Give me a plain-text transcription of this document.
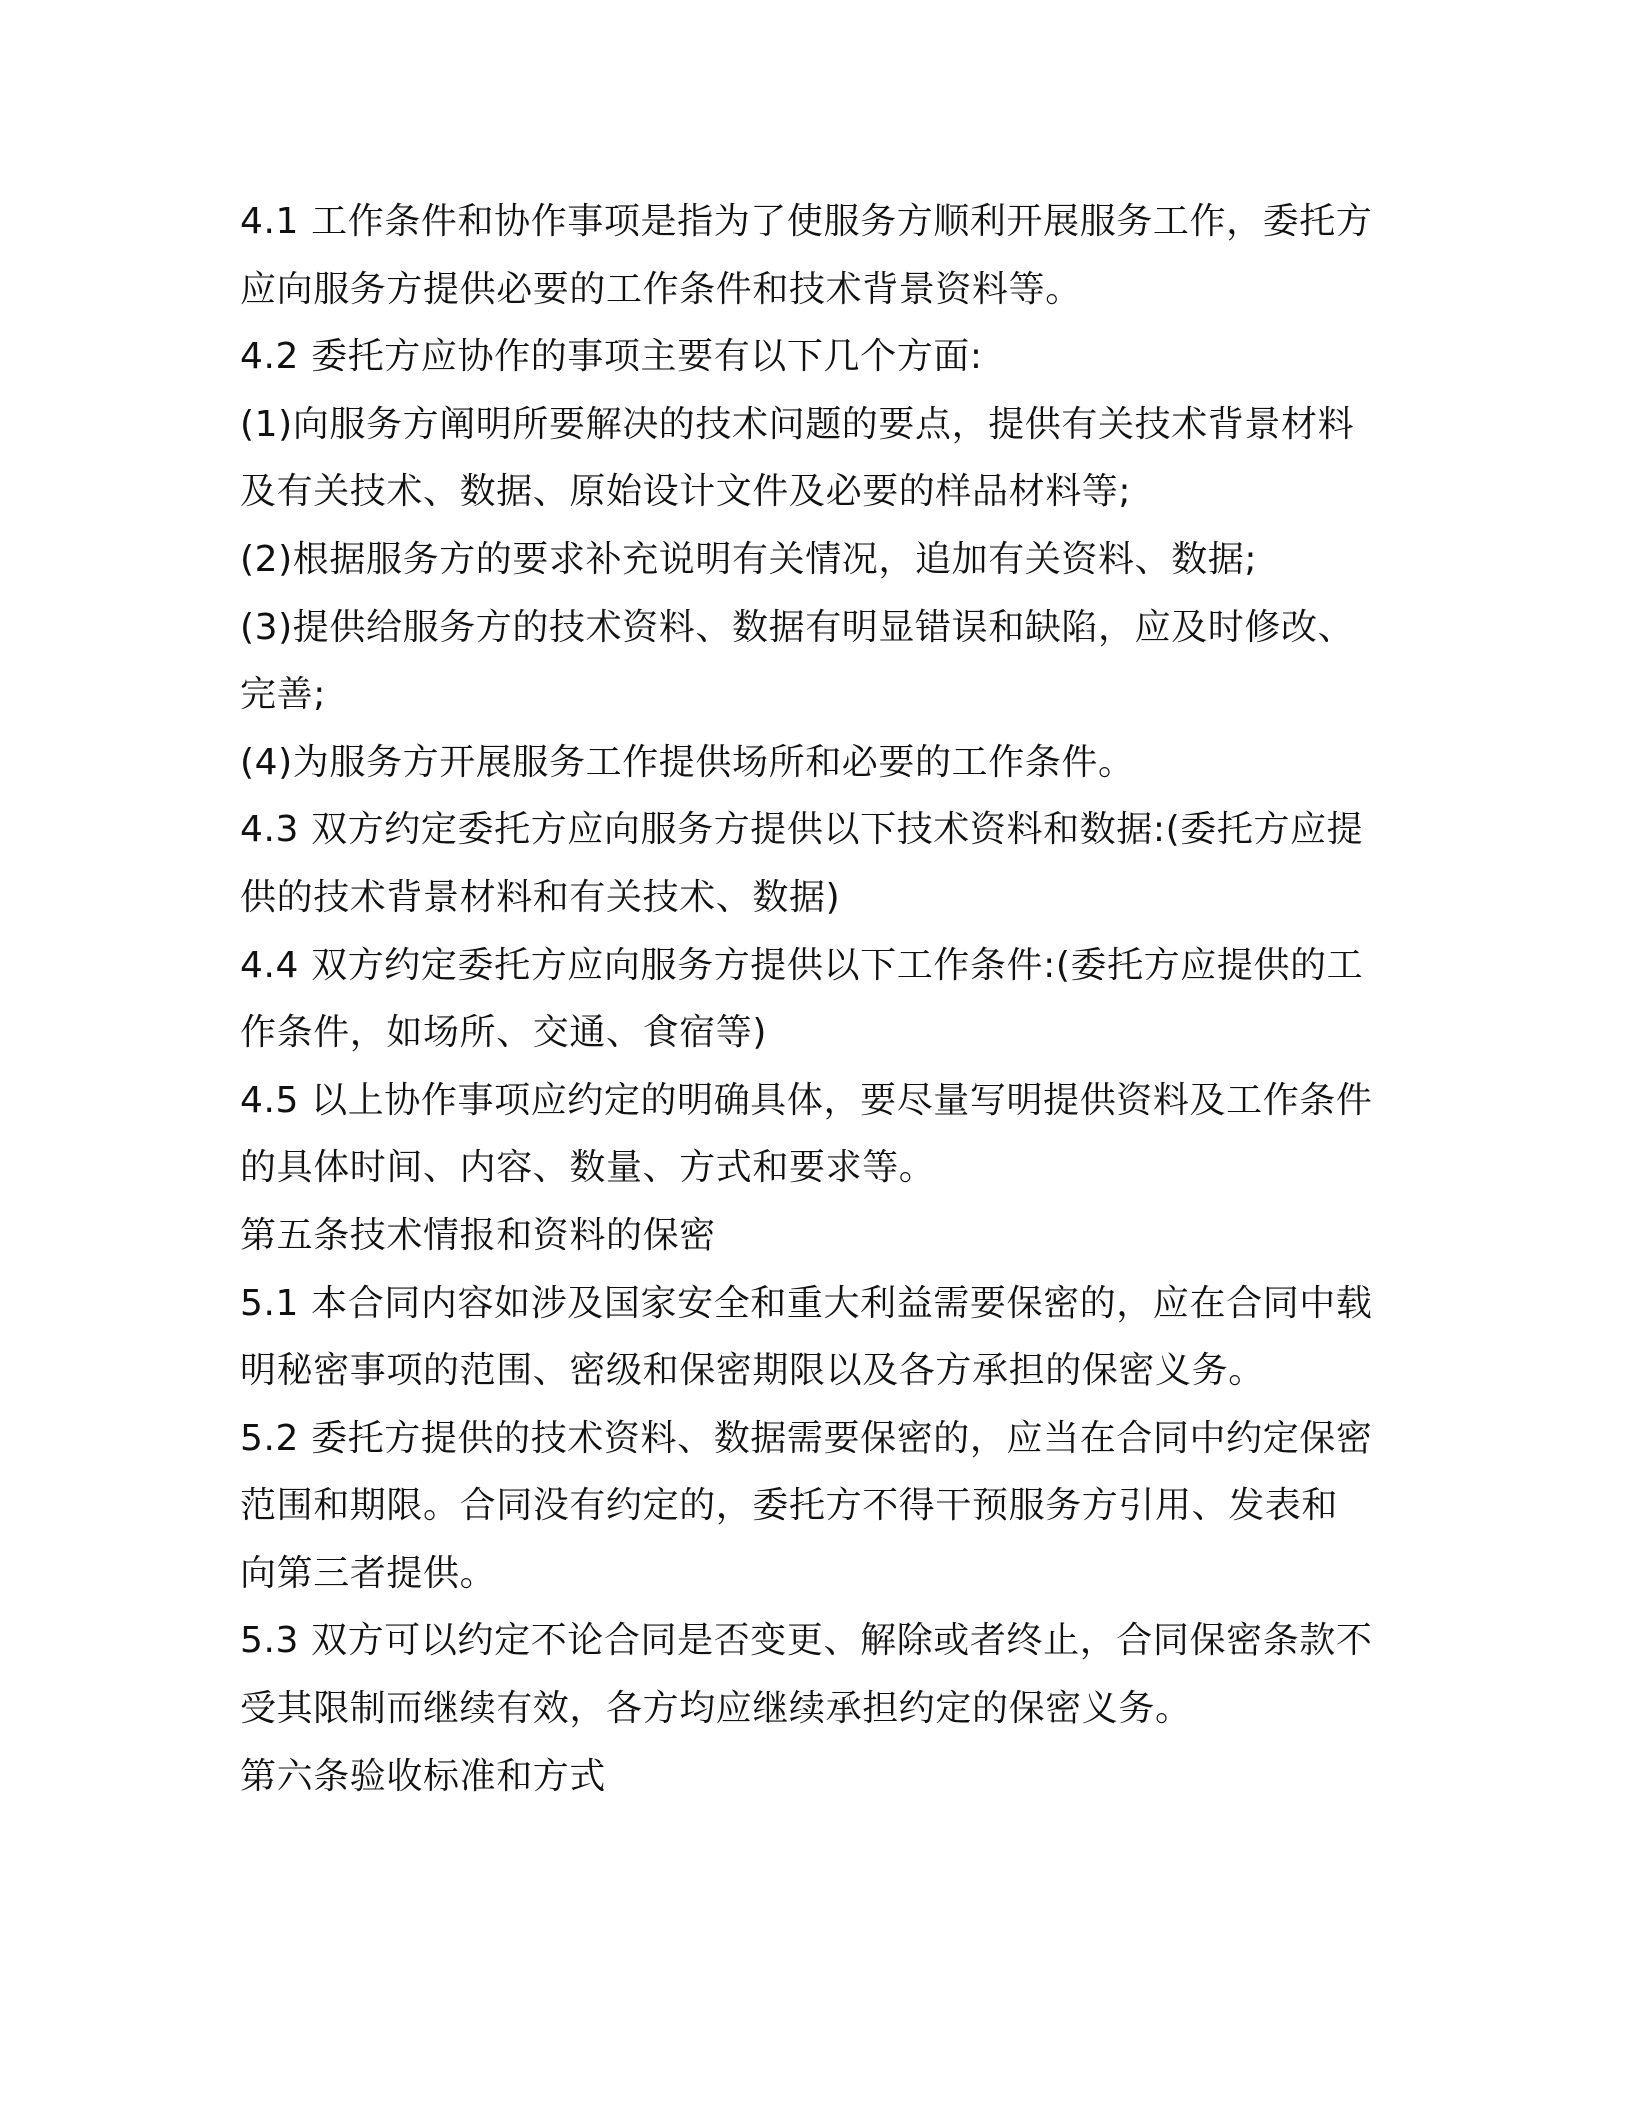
4.1 工作条件和协作事项是指为了使服务方顺利开展服务工作，委托方
应向服务方提供必要的工作条件和技术背景资料等。

4.2 委托方应协作的事项主要有以下几个方面:

(1)向服务方阐明所要解决的技术问题的要点，提供有关技术背景材料
及有关技术、数据、原始设计文件及必要的样品材料等;

(2)根据服务方的要求补充说明有关情况，追加有关资料、数据;

(3)提供给服务方的技术资料、数据有明显错误和缺陷，应及时修改、
完善;

(4)为服务方开展服务工作提供场所和必要的工作条件。

4.3 双方约定委托方应向服务方提供以下技术资料和数据:(委托方应提
供的技术背景材料和有关技术、数据)

4.4 双方约定委托方应向服务方提供以下工作条件:(委托方应提供的工
作条件，如场所、交通、食宿等)

4.5 以上协作事项应约定的明确具体，要尽量写明提供资料及工作条件
的具体时间、内容、数量、方式和要求等。

第五条技术情报和资料的保密

5.1 本合同内容如涉及国家安全和重大利益需要保密的，应在合同中载
明秘密事项的范围、密级和保密期限以及各方承担的保密义务。

5.2 委托方提供的技术资料、数据需要保密的，应当在合同中约定保密
范围和期限。合同没有约定的，委托方不得干预服务方引用、发表和
向第三者提供。

5.3 双方可以约定不论合同是否变更、解除或者终止，合同保密条款不
受其限制而继续有效，各方均应继续承担约定的保密义务。

第六条验收标准和方式
